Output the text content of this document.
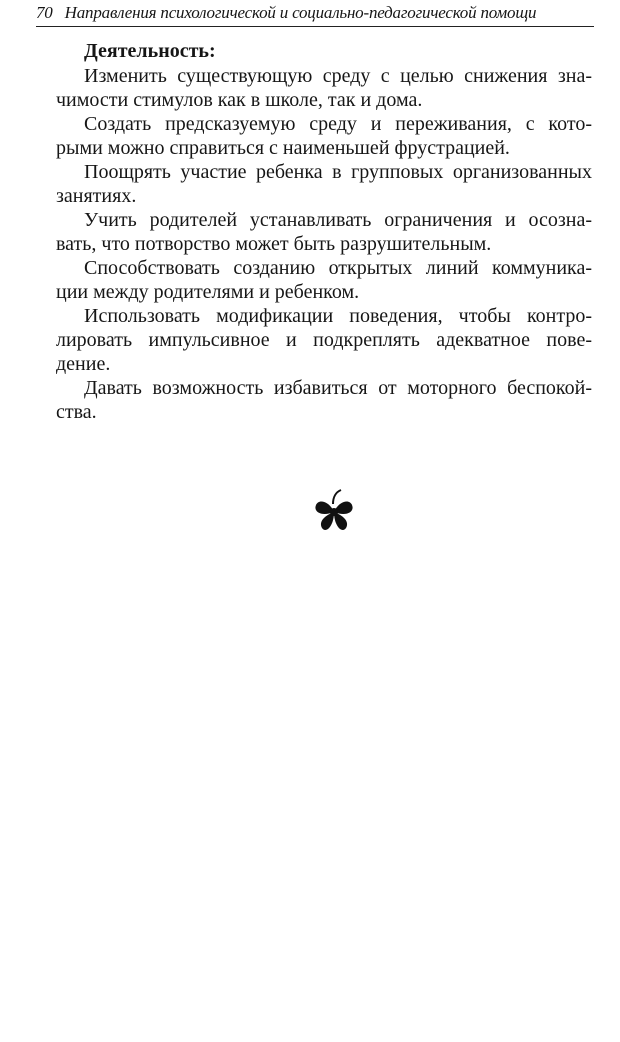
70 Направления психологической и социально-педагогической помощи

Деятельность:

Изменить существующую среду с целью снижения зна-
чимости стимулов как в школе, так и дома.
Создать предсказуемую среду и переживания, с кото-
рыми можно справиться с наименьшей фрустрацией.
Поощрять участие ребенка в групповых организованных
занятиях.
Учить родителей устанавливать ограничения и осозна-
вать, что потворство может быть разрушительным.
Способствовать созданию открытых линий коммуника-
ции между родителями и ребенком.
Использовать модификации поведения, чтобы контро-
лировать импульсивное и подкреплять адекватное пове-
дение.
Давать возможность избавиться от моторного беспокой-
ства.
